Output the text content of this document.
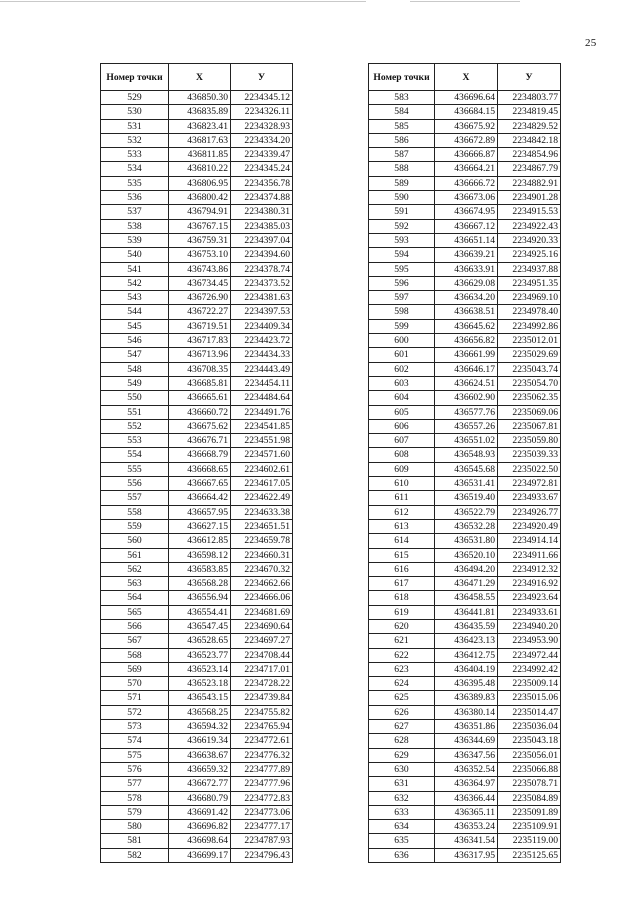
25
Номер точки	X	У
529	436850.30	2234345.12
530	436835.89	2234326.11
531	436823.41	2234328.93
532	436817.63	2234334.20
533	436811.85	2234339.47
534	436810.22	2234345.24
535	436806.95	2234356.78
536	436800.42	2234374.88
537	436794.91	2234380.31
538	436767.15	2234385.03
539	436759.31	2234397.04
540	436753.10	2234394.60
541	436743.86	2234378.74
542	436734.45	2234373.52
543	436726.90	2234381.63
544	436722.27	2234397.53
545	436719.51	2234409.34
546	436717.83	2234423.72
547	436713.96	2234434.33
548	436708.35	2234443.49
549	436685.81	2234454.11
550	436665.61	2234484.64
551	436660.72	2234491.76
552	436675.62	2234541.85
553	436676.71	2234551.98
554	436668.79	2234571.60
555	436668.65	2234602.61
556	436667.65	2234617.05
557	436664.42	2234622.49
558	436657.95	2234633.38
559	436627.15	2234651.51
560	436612.85	2234659.78
561	436598.12	2234660.31
562	436583.85	2234670.32
563	436568.28	2234662.66
564	436556.94	2234666.06
565	436554.41	2234681.69
566	436547.45	2234690.64
567	436528.65	2234697.27
568	436523.77	2234708.44
569	436523.14	2234717.01
570	436523.18	2234728.22
571	436543.15	2234739.84
572	436568.25	2234755.82
573	436594.32	2234765.94
574	436619.34	2234772.61
575	436638.67	2234776.32
576	436659.32	2234777.89
577	436672.77	2234777.96
578	436680.79	2234772.83
579	436691.42	2234773.06
580	436696.82	2234777.17
581	436698.64	2234787.93
582	436699.17	2234796.43
Номер точки	X	У
583	436696.64	2234803.77
584	436684.15	2234819.45
585	436675.92	2234829.52
586	436672.89	2234842.18
587	436666.87	2234854.96
588	436664.21	2234867.79
589	436666.72	2234882.91
590	436673.06	2234901.28
591	436674.95	2234915.53
592	436667.12	2234922.43
593	436651.14	2234920.33
594	436639.21	2234925.16
595	436633.91	2234937.88
596	436629.08	2234951.35
597	436634.20	2234969.10
598	436638.51	2234978.40
599	436645.62	2234992.86
600	436656.82	2235012.01
601	436661.99	2235029.69
602	436646.17	2235043.74
603	436624.51	2235054.70
604	436602.90	2235062.35
605	436577.76	2235069.06
606	436557.26	2235067.81
607	436551.02	2235059.80
608	436548.93	2235039.33
609	436545.68	2235022.50
610	436531.41	2234972.81
611	436519.40	2234933.67
612	436522.79	2234926.77
613	436532.28	2234920.49
614	436531.80	2234914.14
615	436520.10	2234911.66
616	436494.20	2234912.32
617	436471.29	2234916.92
618	436458.55	2234923.64
619	436441.81	2234933.61
620	436435.59	2234940.20
621	436423.13	2234953.90
622	436412.75	2234972.44
623	436404.19	2234992.42
624	436395.48	2235009.14
625	436389.83	2235015.06
626	436380.14	2235014.47
627	436351.86	2235036.04
628	436344.69	2235043.18
629	436347.56	2235056.01
630	436352.54	2235066.88
631	436364.97	2235078.71
632	436366.44	2235084.89
633	436365.11	2235091.89
634	436353.24	2235109.91
635	436341.54	2235119.00
636	436317.95	2235125.65
